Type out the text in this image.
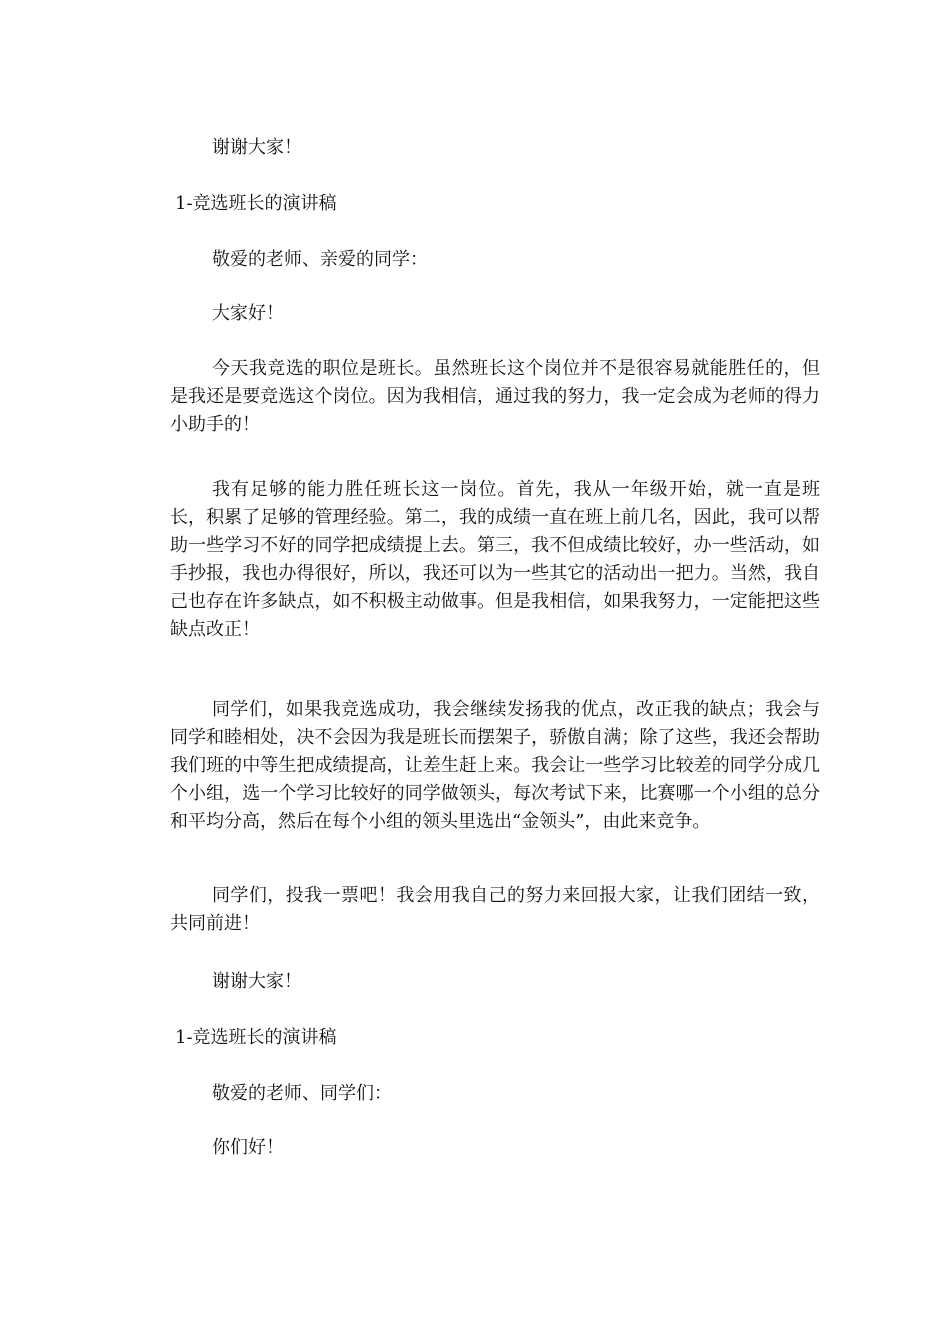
谢谢大家！

1-竞选班长的演讲稿

敬爱的老师、亲爱的同学：

大家好！

今天我竞选的职位是班长。虽然班长这个岗位并不是很容易就能胜任的，但是我还是要竞选这个岗位。因为我相信，通过我的努力，我一定会成为老师的得力小助手的！

我有足够的能力胜任班长这一岗位。首先，我从一年级开始，就一直是班长，积累了足够的管理经验。第二，我的成绩一直在班上前几名，因此，我可以帮助一些学习不好的同学把成绩提上去。第三，我不但成绩比较好，办一些活动，如手抄报，我也办得很好，所以，我还可以为一些其它的活动出一把力。当然，我自己也存在许多缺点，如不积极主动做事。但是我相信，如果我努力，一定能把这些缺点改正！

同学们，如果我竞选成功，我会继续发扬我的优点，改正我的缺点；我会与同学和睦相处，决不会因为我是班长而摆架子，骄傲自满；除了这些，我还会帮助我们班的中等生把成绩提高，让差生赶上来。我会让一些学习比较差的同学分成几个小组，选一个学习比较好的同学做领头，每次考试下来，比赛哪一个小组的总分和平均分高，然后在每个小组的领头里选出“金领头”，由此来竞争。

同学们，投我一票吧！我会用我自己的努力来回报大家，让我们团结一致，共同前进！

谢谢大家！

1-竞选班长的演讲稿

敬爱的老师、同学们：

你们好！
